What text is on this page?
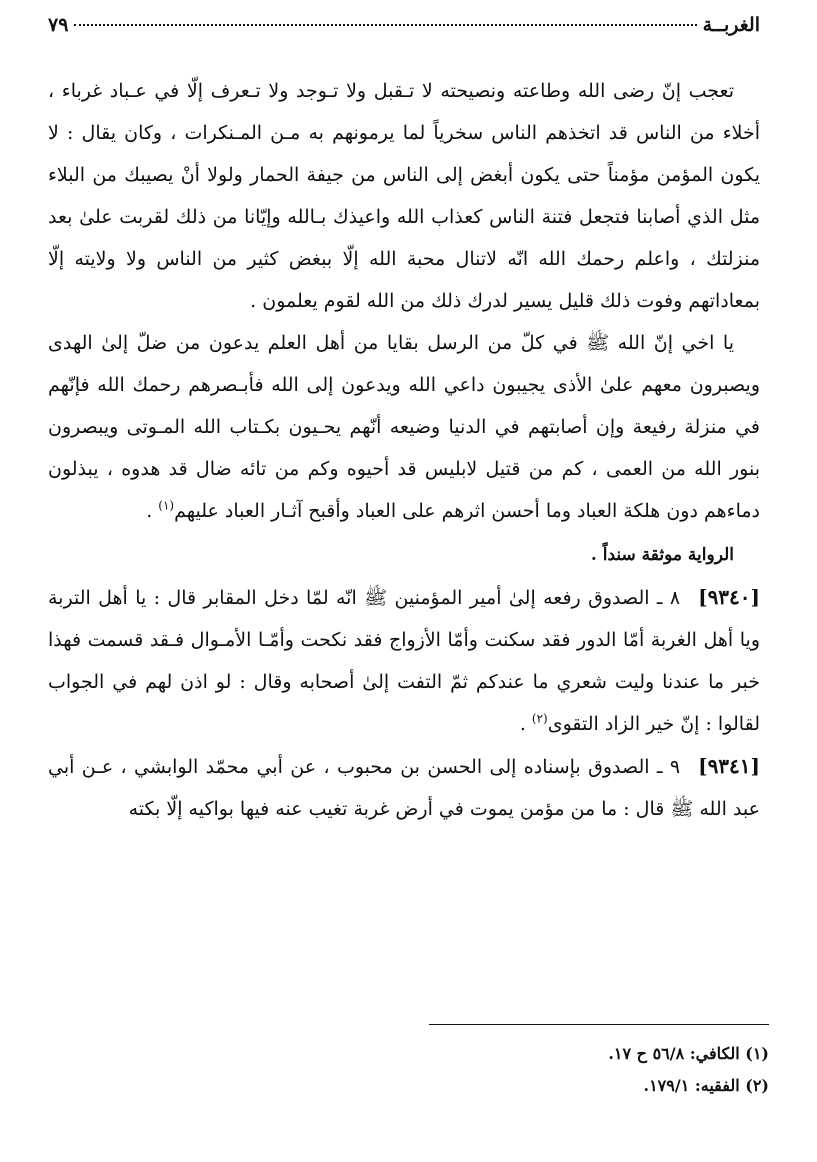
الغربــة
٧٩

تعجب إنّ رضى الله وطاعته ونصيحته لا تـقبل ولا تـوجد ولا تـعرف إلّا في عـباد غرباء ، أخلاء من الناس قد اتخذهم الناس سخرياً لما يرمونهم به مـن المـنكرات ، وكان يقال : لا يكون المؤمن مؤمناً حتى يكون أبغض إلى الناس من جيفة الحمار ولولا أنْ يصيبك من البلاء مثل الذي أصابنا فتجعل فتنة الناس كعذاب الله واعيذك بـالله وإيّانا من ذلك لقربت علىٰ بعد منزلتك ، واعلم رحمك الله انّه لاتنال محبة الله إلّا ببغض كثير من الناس ولا ولايته إلّا بمعاداتهم وفوت ذلك قليل يسير لدرك ذلك من الله لقوم يعلمون .

يا اخي إنّ الله ﷺ في كلّ من الرسل بقايا من أهل العلم يدعون من ضلّ إلىٰ الهدى ويصبرون معهم علىٰ الأذى يجيبون داعي الله ويدعون إلى الله فأبـصرهم رحمك الله فإنّهم في منزلة رفيعة وإن أصابتهم في الدنيا وضيعه أنّهم يحـيون بكـتاب الله المـوتى ويبصرون بنور الله من العمى ، كم من قتيل لابليس قد أحيوه وكم من تائه ضال قد هدوه ، يبذلون دماءهم دون هلكة العباد وما أحسن اثرهم على العباد وأقبح آثـار العباد عليهم$^{(١)}$ .

الرواية موثقة سنداً .

[٩٣٤٠]٨ ـ الصدوق رفعه إلىٰ أمير المؤمنين ﷺ انّه لمّا دخل المقابر قال : يا أهل التربة ويا أهل الغربة أمّا الدور فقد سكنت وأمّا الأزواج فقد نكحت وأمّـا الأمـوال فـقد قسمت فهذا خبر ما عندنا وليت شعري ما عندكم ثمّ التفت إلىٰ أصحابه وقال : لو اذن لهم في الجواب لقالوا : إنّ خير الزاد التقوى$^{(٢)}$ .

[٩٣٤١]٩ ـ الصدوق بإسناده إلى الحسن بن محبوب ، عن أبي محمّد الوابشي ، عـن أبي عبد الله ﷺ قال : ما من مؤمن يموت في أرض غربة تغيب عنه فيها بواكيه إلّا بكته

(١) الكافي: ٥٦/٨ ح ١٧.
(٢) الفقيه: ١٧٩/١.
